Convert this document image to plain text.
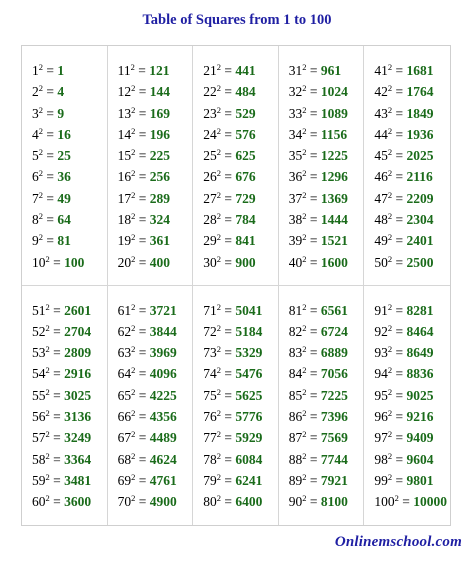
Table of Squares from 1 to 100
$1^2 = 1$
$2^2 = 4$
$3^2 = 9$
$4^2 = 16$
$5^2 = 25$
$6^2 = 36$
$7^2 = 49$
$8^2 = 64$
$9^2 = 81$
$10^2 = 100$
$11^2 = 121$
$12^2 = 144$
$13^2 = 169$
$14^2 = 196$
$15^2 = 225$
$16^2 = 256$
$17^2 = 289$
$18^2 = 324$
$19^2 = 361$
$20^2 = 400$
$21^2 = 441$
$22^2 = 484$
$23^2 = 529$
$24^2 = 576$
$25^2 = 625$
$26^2 = 676$
$27^2 = 729$
$28^2 = 784$
$29^2 = 841$
$30^2 = 900$
$31^2 = 961$
$32^2 = 1024$
$33^2 = 1089$
$34^2 = 1156$
$35^2 = 1225$
$36^2 = 1296$
$37^2 = 1369$
$38^2 = 1444$
$39^2 = 1521$
$40^2 = 1600$
$41^2 = 1681$
$42^2 = 1764$
$43^2 = 1849$
$44^2 = 1936$
$45^2 = 2025$
$46^2 = 2116$
$47^2 = 2209$
$48^2 = 2304$
$49^2 = 2401$
$50^2 = 2500$
$51^2 = 2601$
$52^2 = 2704$
$53^2 = 2809$
$54^2 = 2916$
$55^2 = 3025$
$56^2 = 3136$
$57^2 = 3249$
$58^2 = 3364$
$59^2 = 3481$
$60^2 = 3600$
$61^2 = 3721$
$62^2 = 3844$
$63^2 = 3969$
$64^2 = 4096$
$65^2 = 4225$
$66^2 = 4356$
$67^2 = 4489$
$68^2 = 4624$
$69^2 = 4761$
$70^2 = 4900$
$71^2 = 5041$
$72^2 = 5184$
$73^2 = 5329$
$74^2 = 5476$
$75^2 = 5625$
$76^2 = 5776$
$77^2 = 5929$
$78^2 = 6084$
$79^2 = 6241$
$80^2 = 6400$
$81^2 = 6561$
$82^2 = 6724$
$83^2 = 6889$
$84^2 = 7056$
$85^2 = 7225$
$86^2 = 7396$
$87^2 = 7569$
$88^2 = 7744$
$89^2 = 7921$
$90^2 = 8100$
$91^2 = 8281$
$92^2 = 8464$
$93^2 = 8649$
$94^2 = 8836$
$95^2 = 9025$
$96^2 = 9216$
$97^2 = 9409$
$98^2 = 9604$
$99^2 = 9801$
$100^2 = 10000$
Onlinemschool.com
